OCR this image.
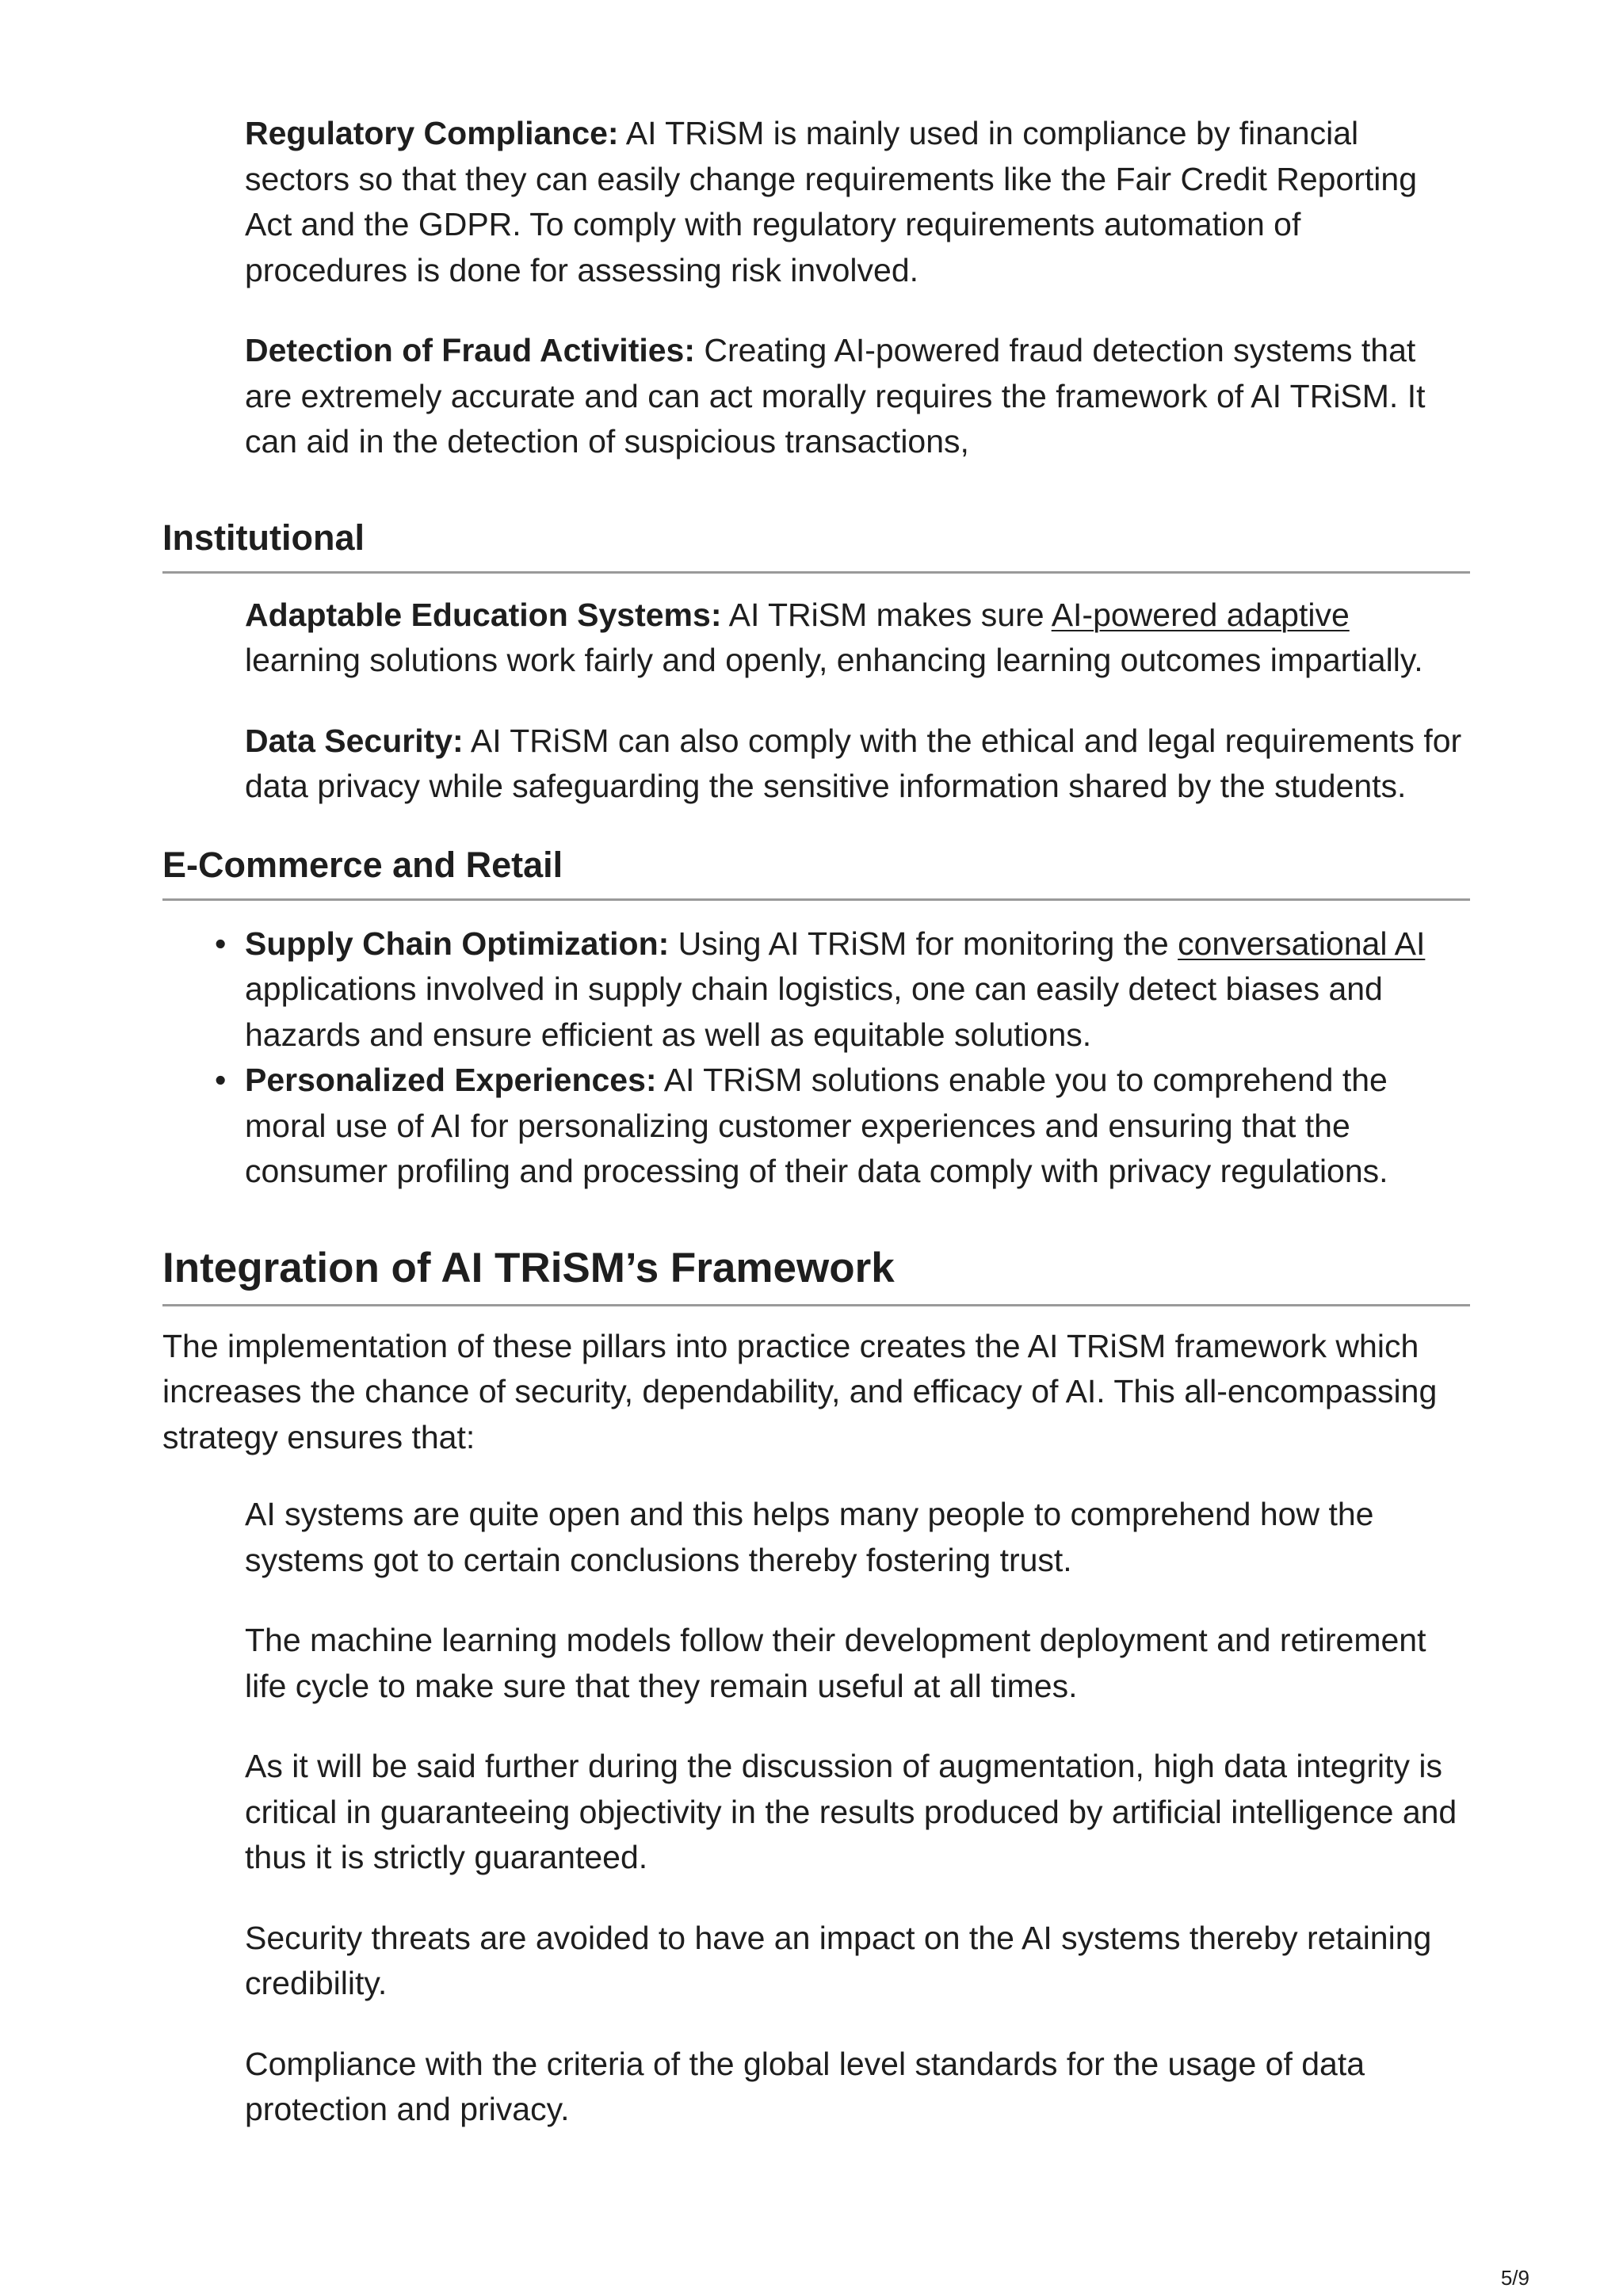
Regulatory Compliance: AI TRiSM is mainly used in compliance by financial sectors so that they can easily change requirements like the Fair Credit Reporting Act and the GDPR. To comply with regulatory requirements automation of procedures is done for assessing risk involved.

Detection of Fraud Activities: Creating AI-powered fraud detection systems that are extremely accurate and can act morally requires the framework of AI TRiSM. It can aid in the detection of suspicious transactions,

Institutional

Adaptable Education Systems: AI TRiSM makes sure AI-powered adaptive learning solutions work fairly and openly, enhancing learning outcomes impartially.

Data Security: AI TRiSM can also comply with the ethical and legal requirements for data privacy while safeguarding the sensitive information shared by the students.

E-Commerce and Retail
• Supply Chain Optimization: Using AI TRiSM for monitoring the conversational AI applications involved in supply chain logistics, one can easily detect biases and hazards and ensure efficient as well as equitable solutions.
• Personalized Experiences: AI TRiSM solutions enable you to comprehend the moral use of AI for personalizing customer experiences and ensuring that the consumer profiling and processing of their data comply with privacy regulations.
Integration of AI TRiSM’s Framework

The implementation of these pillars into practice creates the AI TRiSM framework which increases the chance of security, dependability, and efficacy of AI. This all-encompassing strategy ensures that:

AI systems are quite open and this helps many people to comprehend how the systems got to certain conclusions thereby fostering trust.

The machine learning models follow their development deployment and retirement life cycle to make sure that they remain useful at all times.

As it will be said further during the discussion of augmentation, high data integrity is critical in guaranteeing objectivity in the results produced by artificial intelligence and thus it is strictly guaranteed.

Security threats are avoided to have an impact on the AI systems thereby retaining credibility.

Compliance with the criteria of the global level standards for the usage of data protection and privacy.

5/9
